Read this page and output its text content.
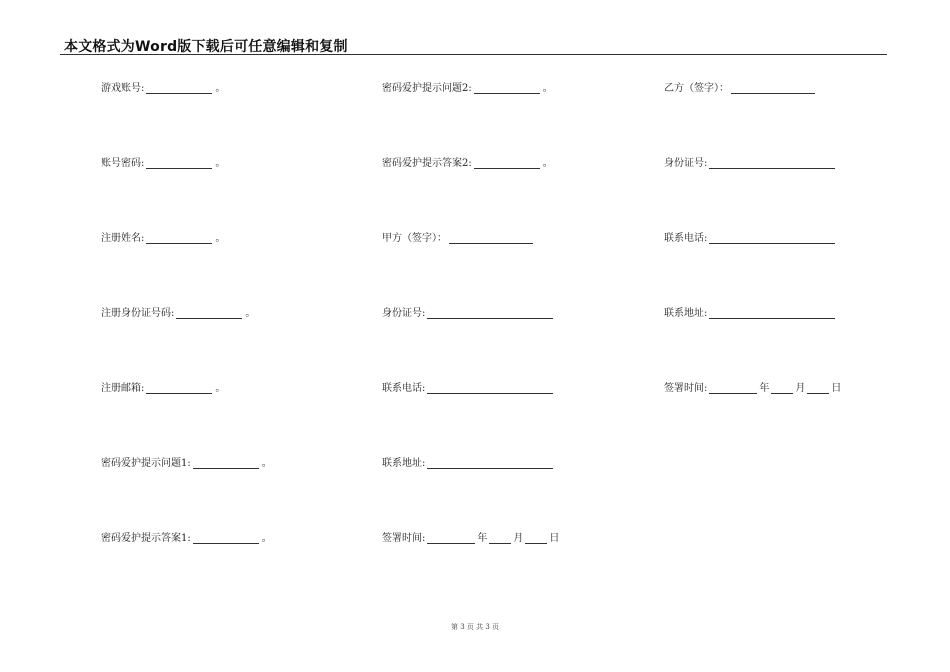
本文格式为Word版下载后可任意编辑和复制
游戏账号:	。
账号密码:	。
注册姓名:	。
注册身份证号码:	。
注册邮箱:	。
密码爱护提示问题1:	。
密码爱护提示答案1:	。
密码爱护提示问题2:	。
密码爱护提示答案2:	。
甲方（签字）：
身份证号:
联系电话:
联系地址:
签署时间:	年	月	日
乙方（签字）：
身份证号:
联系电话:
联系地址:
签署时间:	年	月	日
第 3 页 共 3 页
